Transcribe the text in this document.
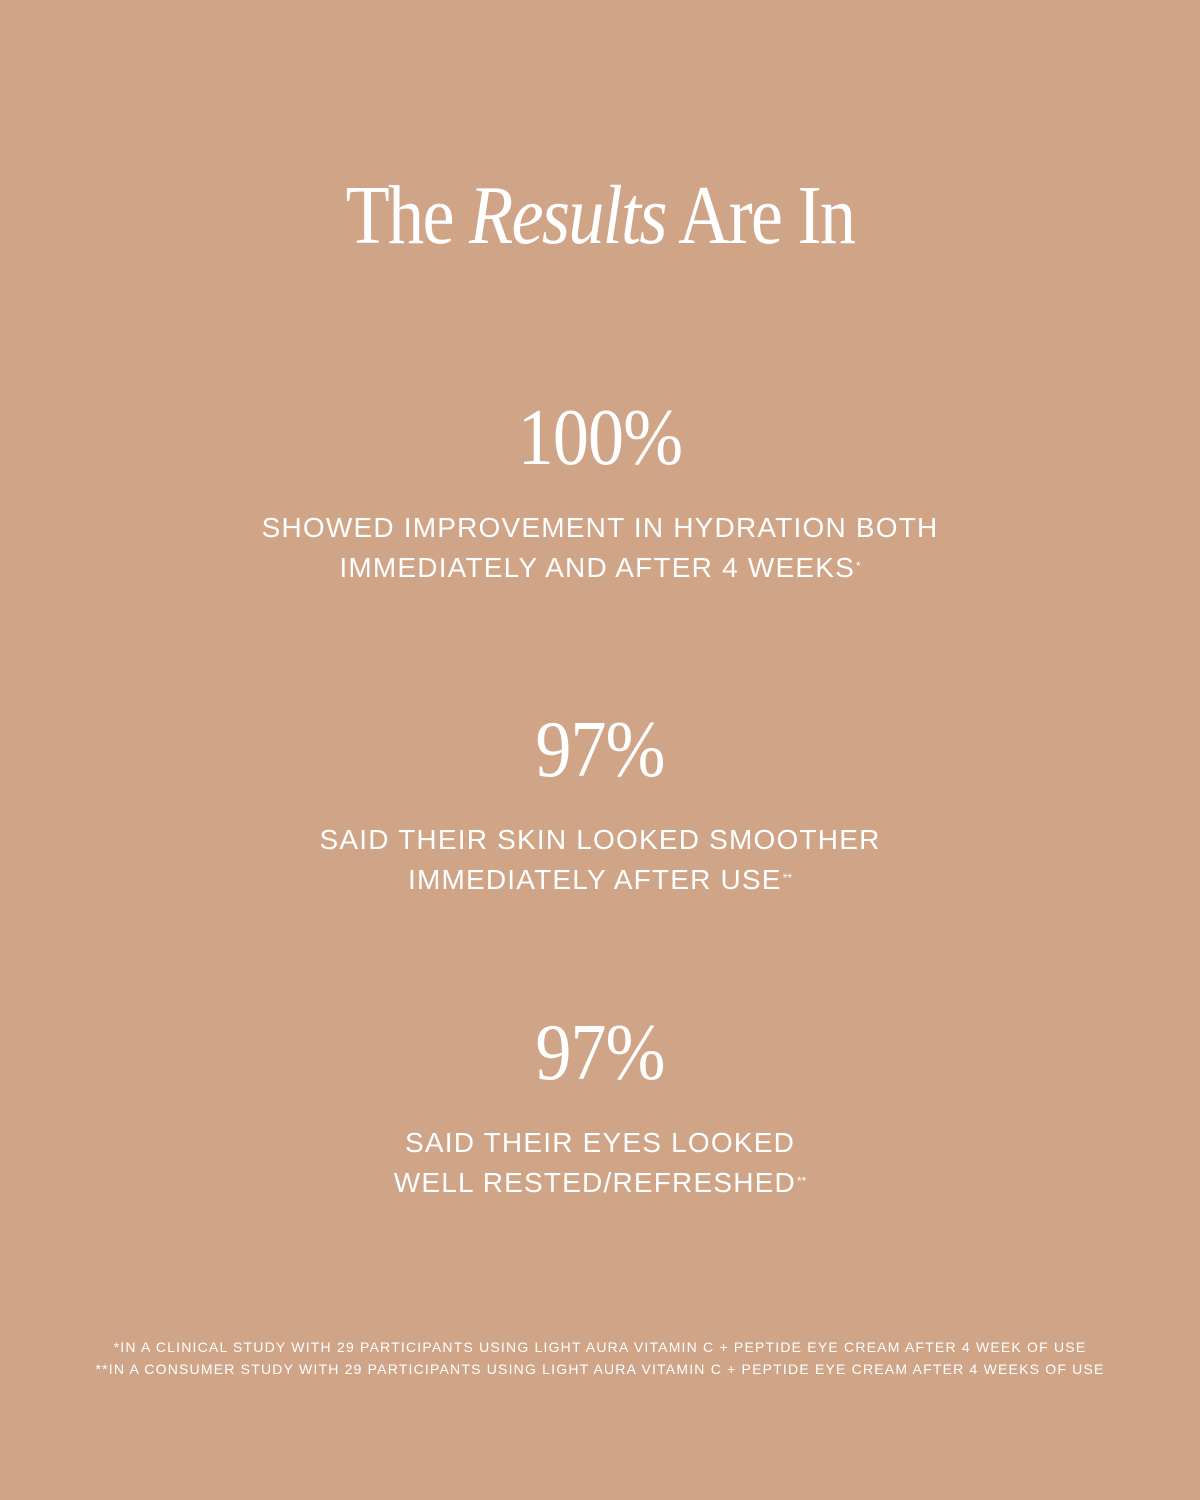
The Results Are In
100%
SHOWED IMPROVEMENT IN HYDRATION BOTH
IMMEDIATELY AND AFTER 4 WEEKS*
97%
SAID THEIR SKIN LOOKED SMOOTHER
IMMEDIATELY AFTER USE**
97%
SAID THEIR EYES LOOKED
WELL RESTED/REFRESHED**
*IN A CLINICAL STUDY WITH 29 PARTICIPANTS USING LIGHT AURA VITAMIN C + PEPTIDE EYE CREAM AFTER 4 WEEK OF USE
**IN A CONSUMER STUDY WITH 29 PARTICIPANTS USING LIGHT AURA VITAMIN C + PEPTIDE EYE CREAM AFTER 4 WEEKS OF USE
